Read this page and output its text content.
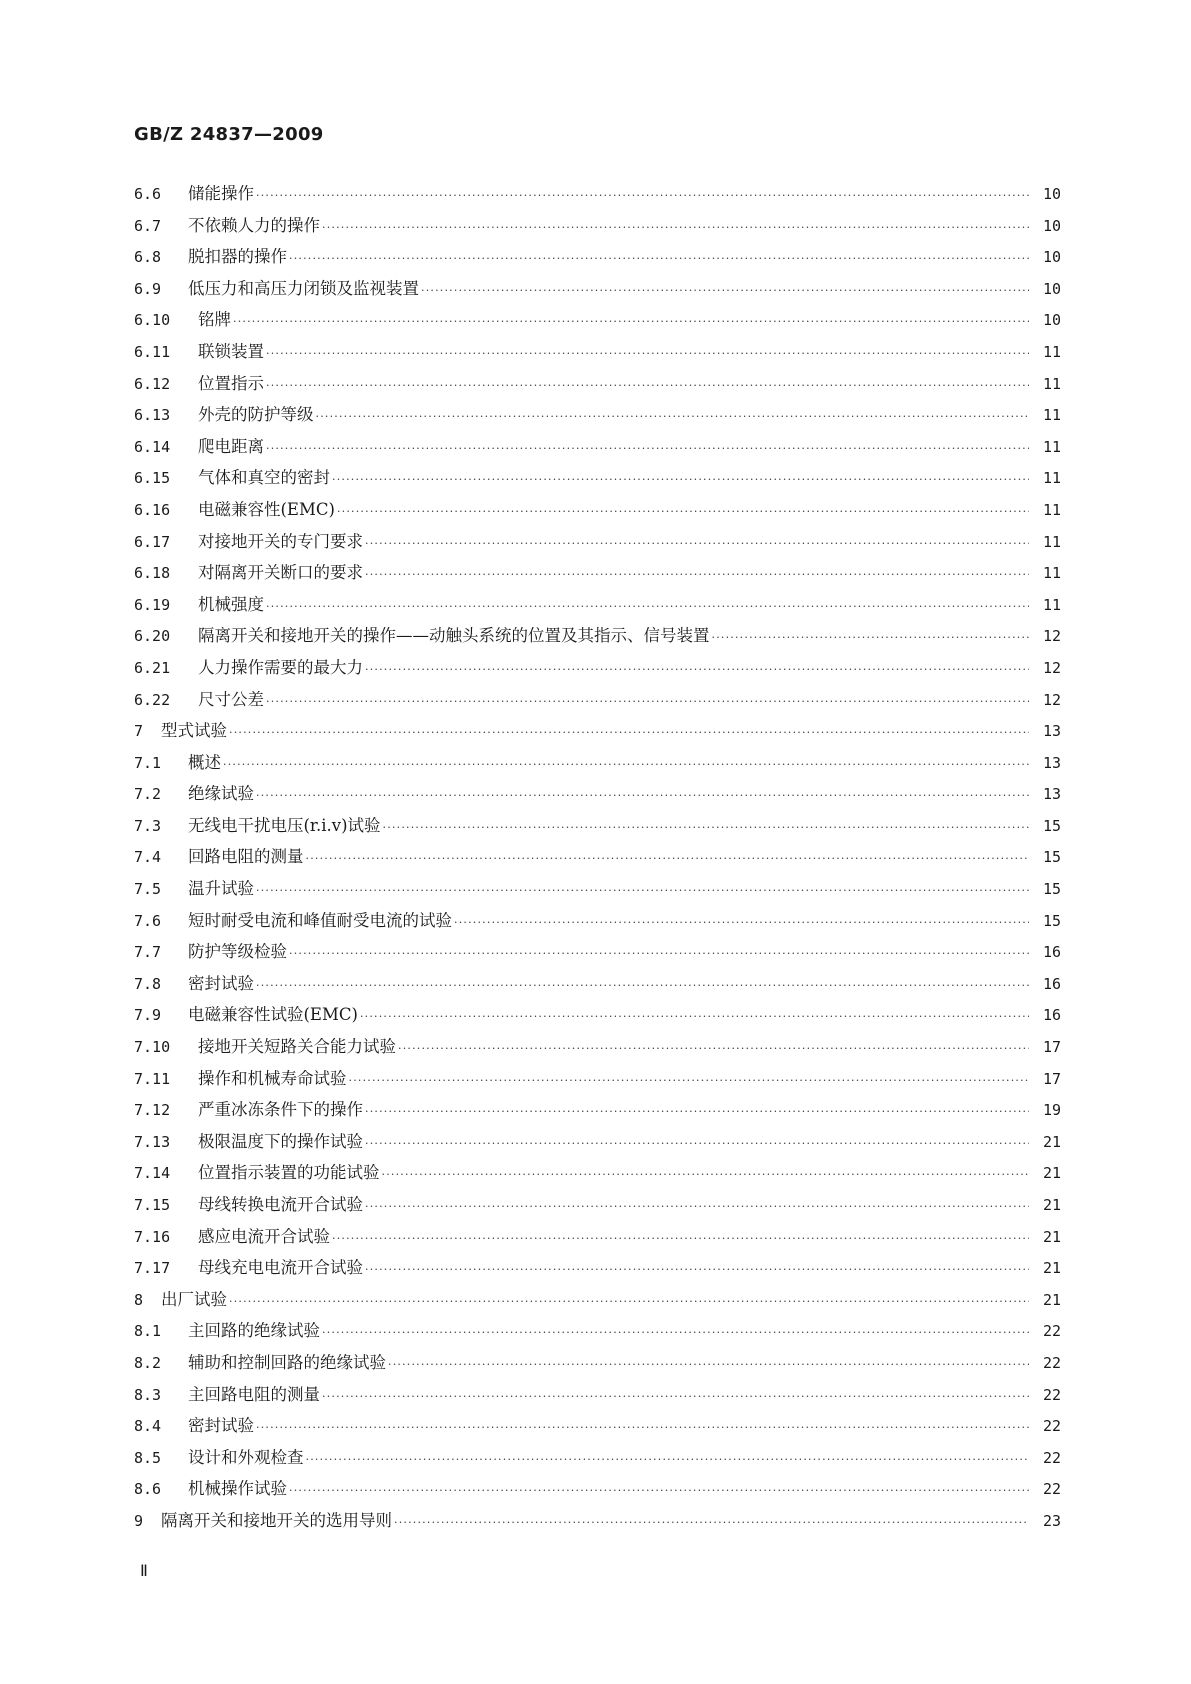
GB/Z 24837—2009
6.6	储能操作 ·····	10
6.7	不依赖人力的操作 ·····	10
6.8	脱扣器的操作 ·····	10
6.9	低压力和高压力闭锁及监视装置 ·····	10
6.10	铭牌 ·····	10
6.11	联锁装置 ·····	11
6.12	位置指示 ·····	11
6.13	外壳的防护等级 ·····	11
6.14	爬电距离 ·····	11
6.15	气体和真空的密封 ·····	11
6.16	电磁兼容性(EMC) ·····	11
6.17	对接地开关的专门要求 ·····	11
6.18	对隔离开关断口的要求 ·····	11
6.19	机械强度 ·····	11
6.20	隔离开关和接地开关的操作——动触头系统的位置及其指示、信号装置 ·····	12
6.21	人力操作需要的最大力 ·····	12
6.22	尺寸公差 ·····	12
7	型式试验 ·····	13
7.1	概述 ·····	13
7.2	绝缘试验 ·····	13
7.3	无线电干扰电压(r.i.v)试验 ·····	15
7.4	回路电阻的测量 ·····	15
7.5	温升试验 ·····	15
7.6	短时耐受电流和峰值耐受电流的试验 ·····	15
7.7	防护等级检验 ·····	16
7.8	密封试验 ·····	16
7.9	电磁兼容性试验(EMC) ·····	16
7.10	接地开关短路关合能力试验 ·····	17
7.11	操作和机械寿命试验 ·····	17
7.12	严重冰冻条件下的操作 ·····	19
7.13	极限温度下的操作试验 ·····	21
7.14	位置指示装置的功能试验 ·····	21
7.15	母线转换电流开合试验 ·····	21
7.16	感应电流开合试验 ·····	21
7.17	母线充电电流开合试验 ·····	21
8	出厂试验 ·····	21
8.1	主回路的绝缘试验 ·····	22
8.2	辅助和控制回路的绝缘试验 ·····	22
8.3	主回路电阻的测量 ·····	22
8.4	密封试验 ·····	22
8.5	设计和外观检查 ·····	22
8.6	机械操作试验 ·····	22
9	隔离开关和接地开关的选用导则 ·····	23
Ⅱ
